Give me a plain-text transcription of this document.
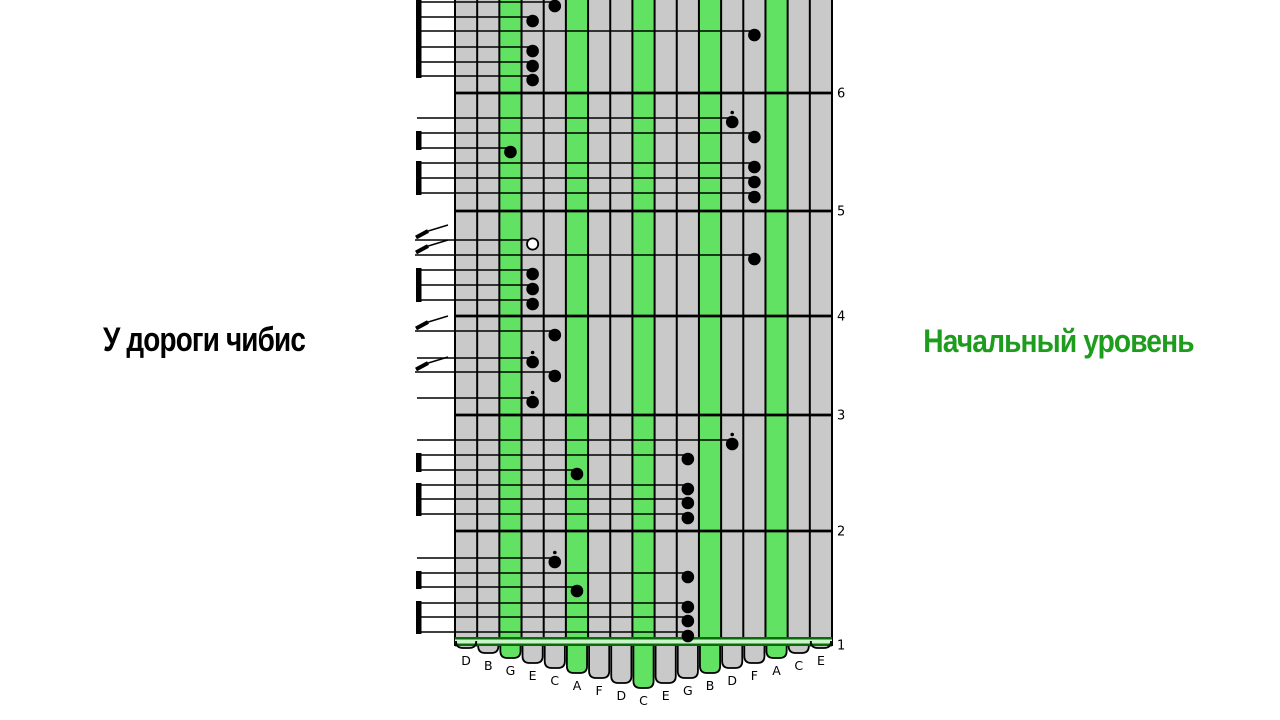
У дороги чибис	Начальный уровень
6
5
4
3
2
1
D B G E C A F D C E G B D F A C E
